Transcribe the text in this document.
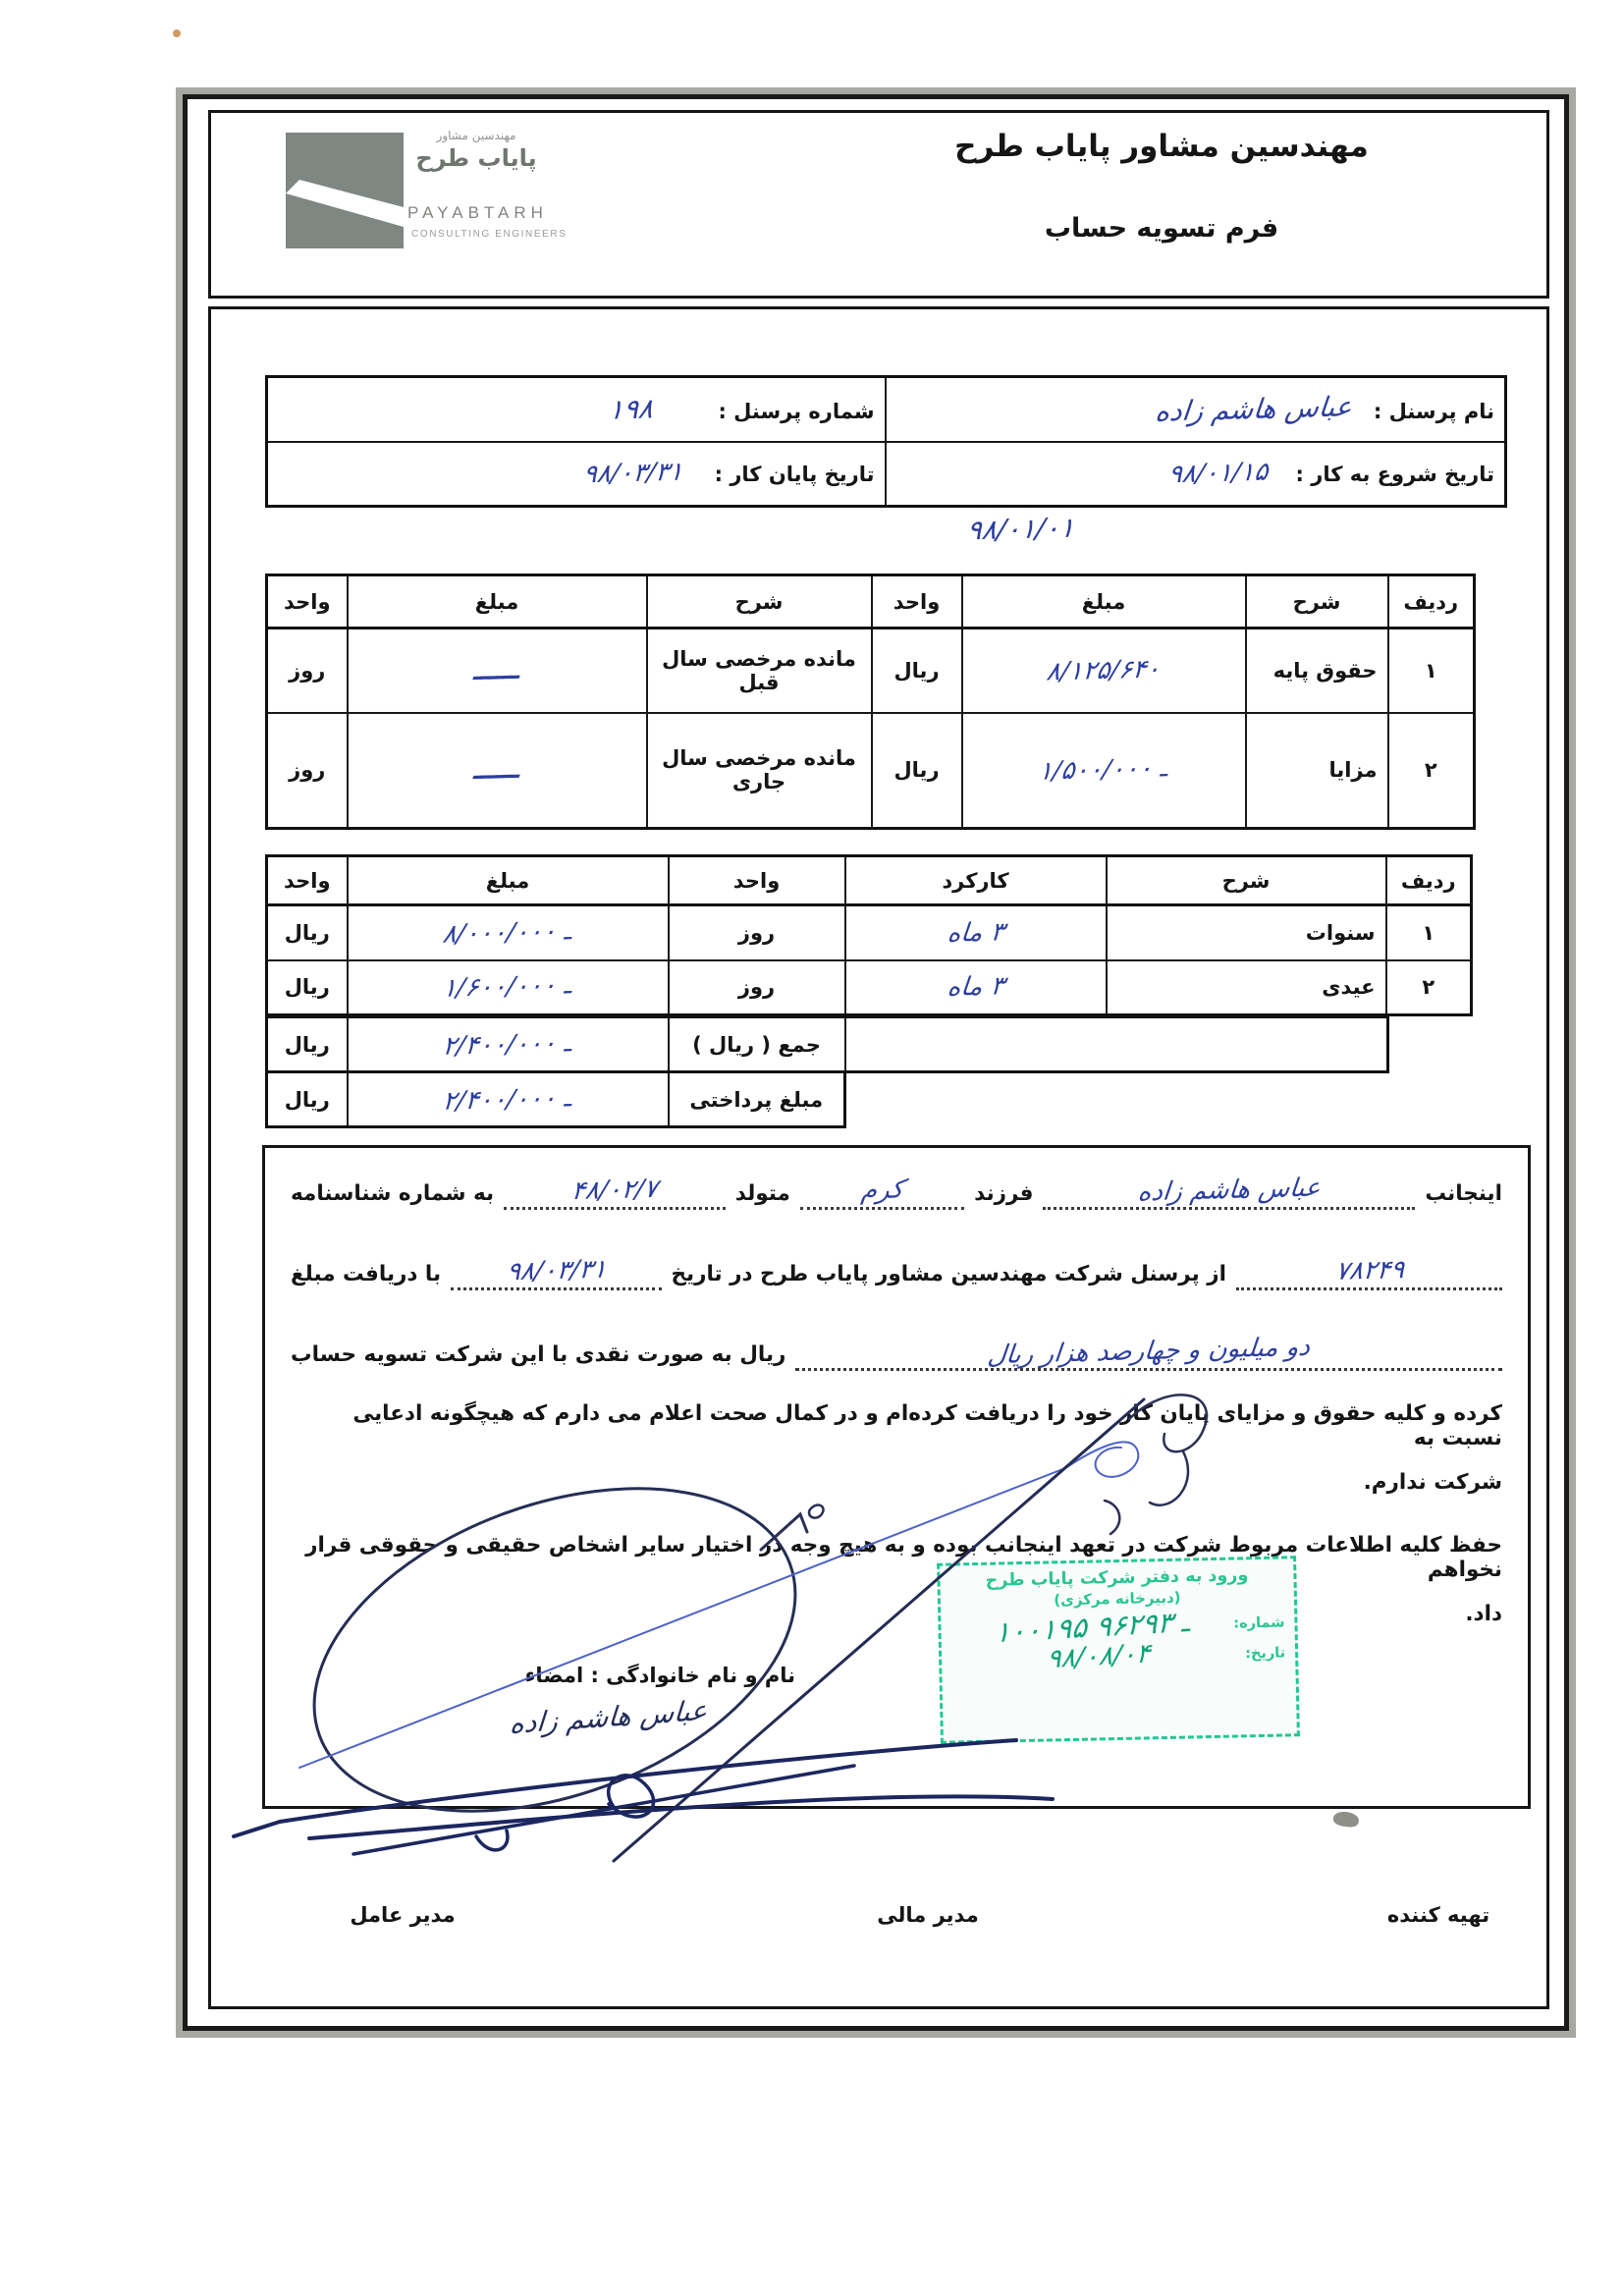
مهندسین مشاور
پایاب طرح
PAYABTARH
CONSULTING ENGINEERS
مهندسین مشاور پایاب طرح
فرم تسویه حساب
نام پرسنل : عباس هاشم زاده	شماره پرسنل : ۱۹۸
تاریخ شروع به کار : ۹۸/۰۱/۱۵	تاریخ پایان کار : ۹۸/۰۳/۳۱
۹۸/۰۱/۰۱
ردیف	شرح	مبلغ	واحد	شرح	مبلغ	واحد
۱	حقوق پایه	۸/۱۲۵/۶۴۰	ریال	مانده مرخصی سال قبل	ــــــ	روز
۲	مزایا	۱/۵۰۰/۰۰۰ ـ	ریال	مانده مرخصی سال جاری	ــــــ	روز
ردیف	شرح	کارکرد	واحد	مبلغ	واحد
۱	سنوات	۳ ماه	روز	۸/۰۰۰/۰۰۰ ـ	ریال
۲	عیدی	۳ ماه	روز	۱/۶۰۰/۰۰۰ ـ	ریال
	جمع ( ریال )	۲/۴۰۰/۰۰۰ ـ	ریال
مبلغ پرداختی	۲/۴۰۰/۰۰۰ ـ	ریال
اینجانب
عباس هاشم زاده
فرزند
کرم
متولد
۴۸/۰۲/۷
به شماره شناسنامه
۷۸۲۴۹
از پرسنل شرکت مهندسین مشاور پایاب طرح در تاریخ
۹۸/۰۳/۳۱
با دریافت مبلغ
دو میلیون و چهارصد هزار ریال
ریال به صورت نقدی با این شرکت تسویه حساب
کرده و کلیه حقوق و مزایای پایان کار خود را دریافت کرده‌ام و در کمال صحت اعلام می دارم که هیچگونه ادعایی نسبت به
شرکت ندارم.
حفظ کلیه اطلاعات مربوط شرکت در تعهد اینجانب بوده و به هیچ وجه در اختیار سایر اشخاص حقیقی و حقوقی قرار نخواهم
داد.
نام و نام خانوادگی : امضاء
عباس هاشم زاده
ورود به دفتر شرکت پایاب طرح
(دبیرخانه مرکزی)
شماره:
۱۰۰۱۹۵ ـ ۹۶۲۹۳
تاریخ:
۹۸/۰۸/۰۴
تهیه کننده
مدیر مالی
مدیر عامل
